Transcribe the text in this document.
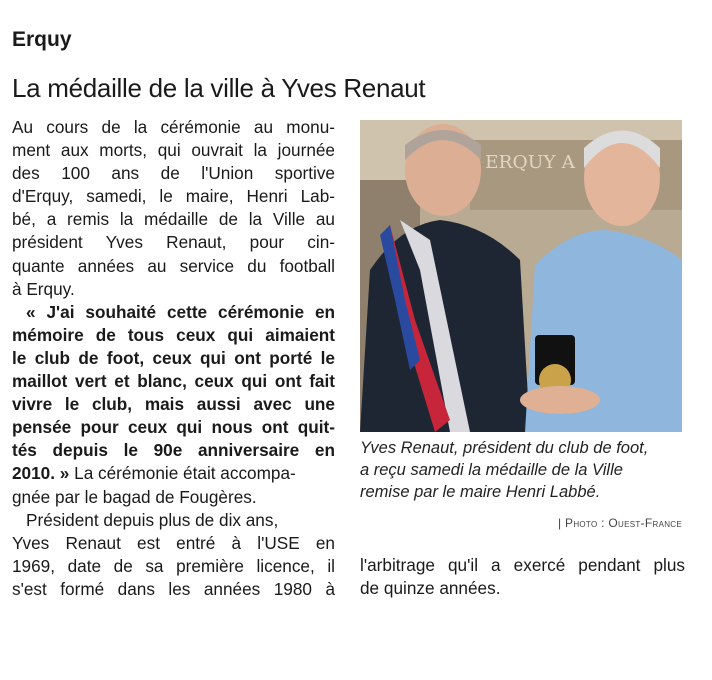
Erquy
La médaille de la ville à Yves Renaut
Au cours de la cérémonie au monu-
ment aux morts, qui ouvrait la journée
des 100 ans de l'Union sportive
d'Erquy, samedi, le maire, Henri Lab-
bé, a remis la médaille de la Ville au
président Yves Renaut, pour cin-
quante années au service du football
à Erquy.
« J'ai souhaité cette cérémonie en
mémoire de tous ceux qui aimaient
le club de foot, ceux qui ont porté le
maillot vert et blanc, ceux qui ont fait
vivre le club, mais aussi avec une
pensée pour ceux qui nous ont quit-
tés depuis le 90e anniversaire en
2010. » La cérémonie était accompa-
gnée par le bagad de Fougères.
Président depuis plus de dix ans,
Yves Renaut est entré à l'USE en
1969, date de sa première licence, il
s'est formé dans les années 1980 à
ERQUY A
Yves Renaut, président du club de foot,
a reçu samedi la médaille de la Ville
remise par le maire Henri Labbé.
| Photo : Ouest-France
l'arbitrage qu'il a exercé pendant plus
de quinze années.
